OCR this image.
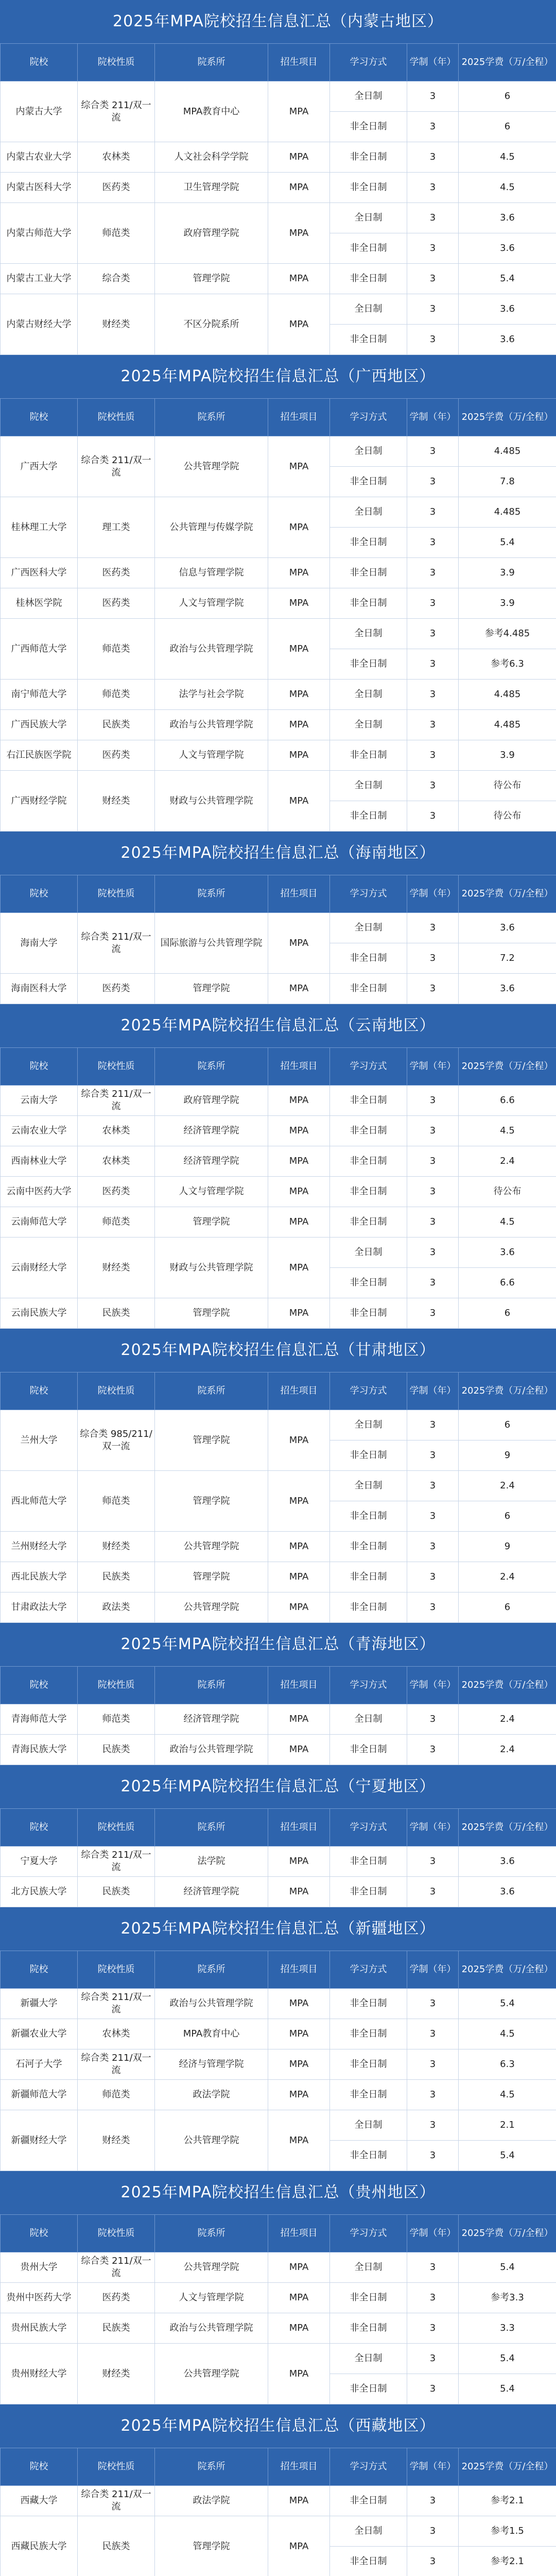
2025年MPA院校招生信息汇总（内蒙古地区）
院校	院校性质	院系所	招生项目	学习方式	学制（年）	2025学费（万/全程）
内蒙古大学	综合类 211/双一流	MPA教育中心	MPA	全日制	3	6
				非全日制	3	6
内蒙古农业大学	农林类	人文社会科学学院	MPA	非全日制	3	4.5

内蒙古医科大学	医药类	卫生管理学院	MPA	非全日制	3	4.5

内蒙古师范大学	师范类	政府管理学院	MPA	全日制	3	3.6
				非全日制	3	3.6
内蒙古工业大学	综合类	管理学院	MPA	非全日制	3	5.4

内蒙古财经大学	财经类	不区分院系所	MPA	全日制	3	3.6
				非全日制	3	3.6
2025年MPA院校招生信息汇总（广西地区）
院校	院校性质	院系所	招生项目	学习方式	学制（年）	2025学费（万/全程）
广西大学	综合类 211/双一流	公共管理学院	MPA	全日制	3	4.485

				非全日制	3	7.8

桂林理工大学	理工类	公共管理与传媒学院	MPA	全日制	3	4.485
				非全日制	3	5.4
广西医科大学	医药类	信息与管理学院	MPA	非全日制	3	3.9
桂林医学院	医药类	人文与管理学院	MPA	非全日制	3	3.9
广西师范大学	师范类	政治与公共管理学院	MPA	全日制	3	参考4.485
				非全日制	3	参考6.3
南宁师范大学	师范类	法学与社会学院	MPA	全日制	3	4.485
广西民族大学	民族类	政治与公共管理学院	MPA	全日制	3	4.485
右江民族医学院	医药类	人文与管理学院	MPA	非全日制	3	3.9
广西财经学院	财经类	财政与公共管理学院	MPA	全日制	3	待公布
				非全日制	3	待公布
2025年MPA院校招生信息汇总（海南地区）
院校	院校性质	院系所	招生项目	学习方式	学制（年）	2025学费（万/全程）
海南大学	综合类 211/双一流	国际旅游与公共管理学院	MPA	全日制	3	3.6

				非全日制	3	7.2

海南医科大学	医药类	管理学院	MPA	非全日制	3	3.6

2025年MPA院校招生信息汇总（云南地区）
院校	院校性质	院系所	招生项目	学习方式	学制（年）	2025学费（万/全程）
云南大学	综合类 211/双一流	政府管理学院	MPA	非全日制	3	6.6

云南农业大学	农林类	经济管理学院	MPA	非全日制	3	4.5

西南林业大学	农林类	经济管理学院	MPA	非全日制	3	2.4

云南中医药大学	医药类	人文与管理学院	MPA	非全日制	3	待公布

云南师范大学	师范类	管理学院	MPA	非全日制	3	4.5

云南财经大学	财经类	财政与公共管理学院	MPA	全日制	3	3.6

				非全日制	3	6.6

云南民族大学	民族类	管理学院	MPA	非全日制	3	6

2025年MPA院校招生信息汇总（甘肃地区）
院校	院校性质	院系所	招生项目	学习方式	学制（年）	2025学费（万/全程）
兰州大学	综合类 985/211/双一流	管理学院	MPA	全日制	3	6

				非全日制	3	9

西北师范大学	师范类	管理学院	MPA	全日制	3	2.4

				非全日制	3	6

兰州财经大学	财经类	公共管理学院	MPA	非全日制	3	9

西北民族大学	民族类	管理学院	MPA	非全日制	3	2.4

甘肃政法大学	政法类	公共管理学院	MPA	非全日制	3	6

2025年MPA院校招生信息汇总（青海地区）
院校	院校性质	院系所	招生项目	学习方式	学制（年）	2025学费（万/全程）
青海师范大学	师范类	经济管理学院	MPA	全日制	3	2.4

青海民族大学	民族类	政治与公共管理学院	MPA	非全日制	3	2.4

2025年MPA院校招生信息汇总（宁夏地区）
院校	院校性质	院系所	招生项目	学习方式	学制（年）	2025学费（万/全程）
宁夏大学	综合类 211/双一流	法学院	MPA	非全日制	3	3.6

北方民族大学	民族类	经济管理学院	MPA	非全日制	3	3.6

2025年MPA院校招生信息汇总（新疆地区）
院校	院校性质	院系所	招生项目	学习方式	学制（年）	2025学费（万/全程）
新疆大学	综合类 211/双一流	政治与公共管理学院	MPA	非全日制	3	5.4

新疆农业大学	农林类	MPA教育中心	MPA	非全日制	3	4.5

石河子大学	综合类 211/双一流	经济与管理学院	MPA	非全日制	3	6.3

新疆师范大学	师范类	政法学院	MPA	非全日制	3	4.5

新疆财经大学	财经类	公共管理学院	MPA	全日制	3	2.1

				非全日制	3	5.4

2025年MPA院校招生信息汇总（贵州地区）
院校	院校性质	院系所	招生项目	学习方式	学制（年）	2025学费（万/全程）
贵州大学	综合类 211/双一流	公共管理学院	MPA	全日制	3	5.4

贵州中医药大学	医药类	人文与管理学院	MPA	非全日制	3	参考3.3

贵州民族大学	民族类	政治与公共管理学院	MPA	非全日制	3	3.3

贵州财经大学	财经类	公共管理学院	MPA	全日制	3	5.4

				非全日制	3	5.4

2025年MPA院校招生信息汇总（西藏地区）
院校	院校性质	院系所	招生项目	学习方式	学制（年）	2025学费（万/全程）
西藏大学	综合类 211/双一流	政法学院	MPA	非全日制	3	参考2.1

西藏民族大学	民族类	管理学院	MPA	全日制	3	参考1.5

				非全日制	3	参考2.1
